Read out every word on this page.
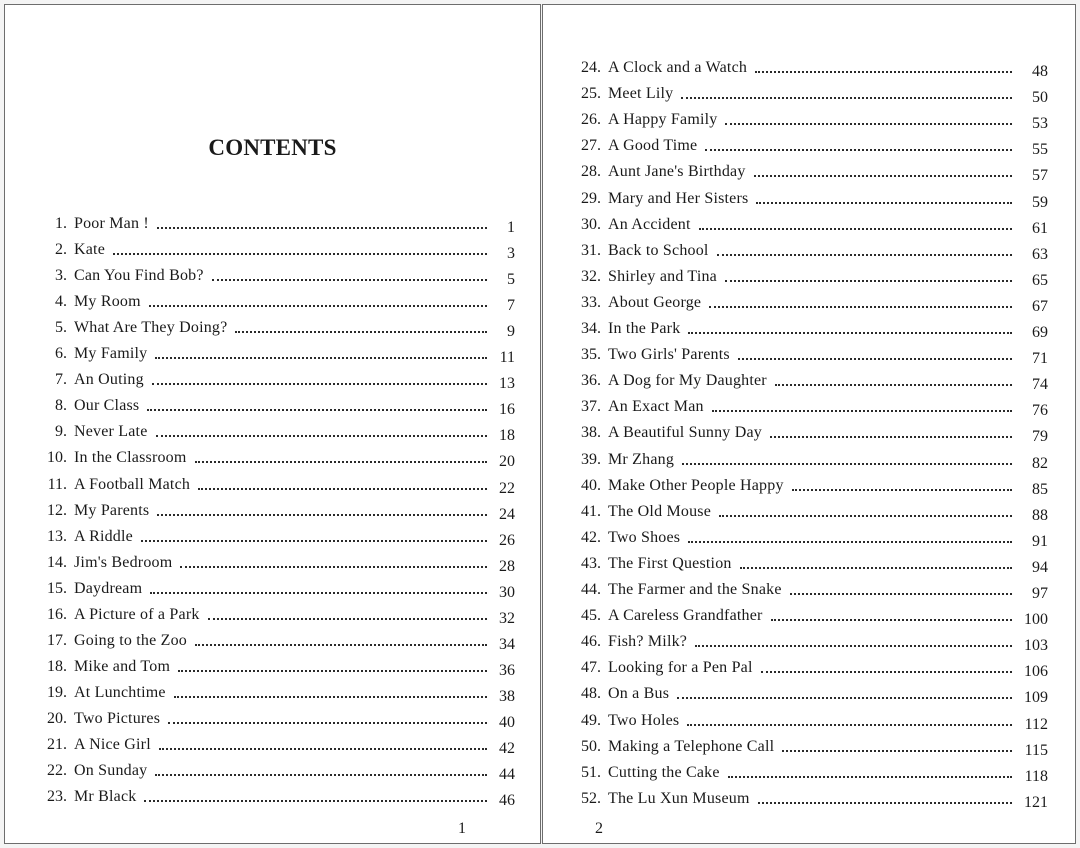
CONTENTS
1. Poor Man !	1
2. Kate	3
3. Can You Find Bob?	5
4. My Room	7
5. What Are They Doing?	9
6. My Family	11
7. An Outing	13
8. Our Class	16
9. Never Late	18
10. In the Classroom	20
11. A Football Match	22
12. My Parents	24
13. A Riddle	26
14. Jim's Bedroom	28
15. Daydream	30
16. A Picture of a Park	32
17. Going to the Zoo	34
18. Mike and Tom	36
19. At Lunchtime	38
20. Two Pictures	40
21. A Nice Girl	42
22. On Sunday	44
23. Mr Black	46
1
24. A Clock and a Watch	48
25. Meet Lily	50
26. A Happy Family	53
27. A Good Time	55
28. Aunt Jane's Birthday	57
29. Mary and Her Sisters	59
30. An Accident	61
31. Back to School	63
32. Shirley and Tina	65
33. About George	67
34. In the Park	69
35. Two Girls' Parents	71
36. A Dog for My Daughter	74
37. An Exact Man	76
38. A Beautiful Sunny Day	79
39. Mr Zhang	82
40. Make Other People Happy	85
41. The Old Mouse	88
42. Two Shoes	91
43. The First Question	94
44. The Farmer and the Snake	97
45. A Careless Grandfather	100
46. Fish? Milk?	103
47. Looking for a Pen Pal	106
48. On a Bus	109
49. Two Holes	112
50. Making a Telephone Call	115
51. Cutting the Cake	118
52. The Lu Xun Museum	121
2
